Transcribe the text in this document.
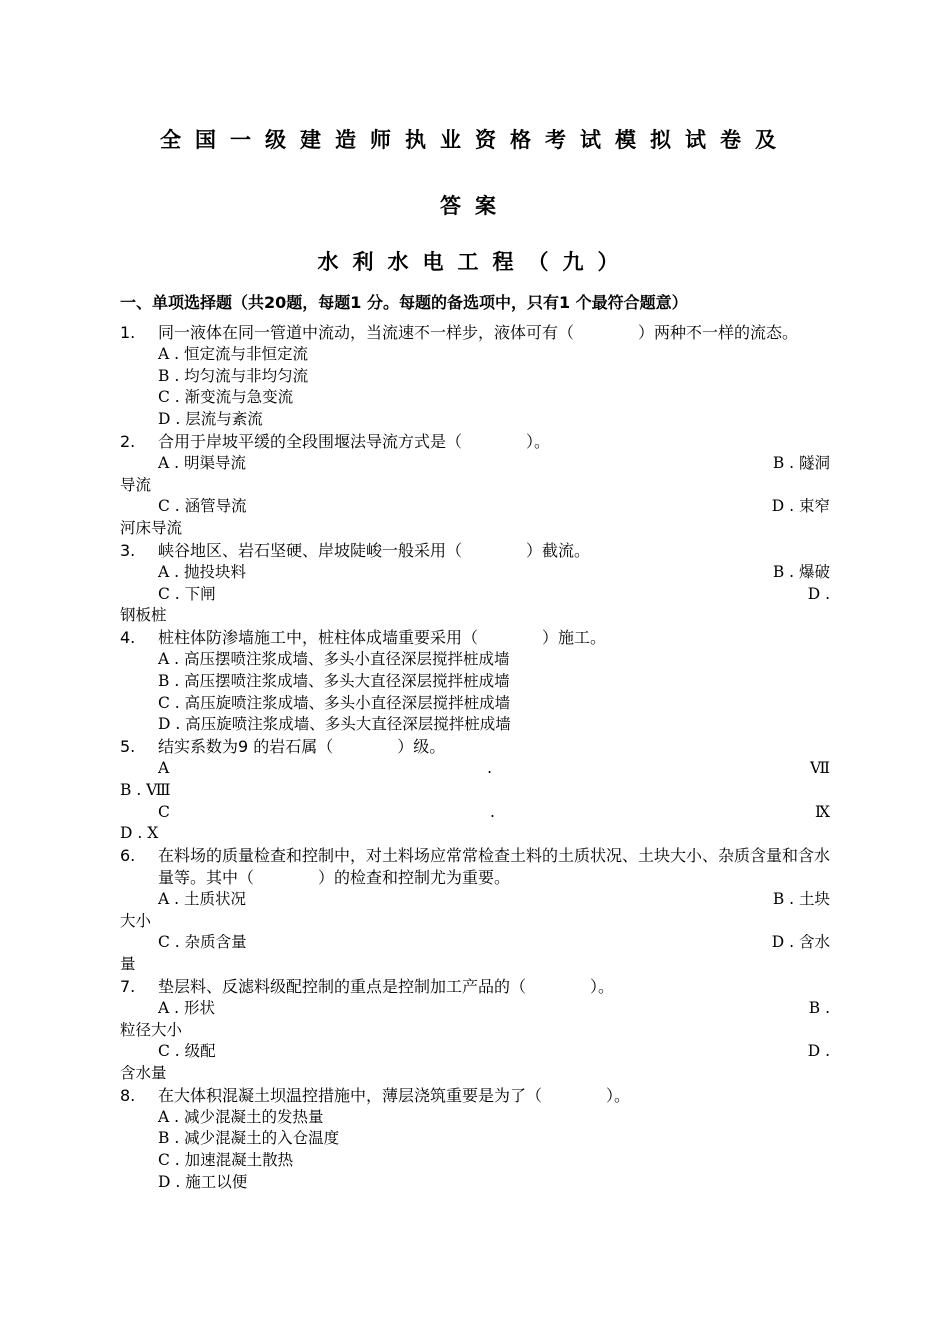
全国一级建造师执业资格考试模拟试卷及
答案
水利水电工程（九）
一、单项选择题（共20题，每题1 分。每题的备选项中，只有1 个最符合题意）
1. 同一液体在同一管道中流动，当流速不一样步，液体可有（　　　　）两种不一样的流态。
A . 恒定流与非恒定流
B . 均匀流与非均匀流
C . 渐变流与急变流
D . 层流与紊流
2. 合用于岸坡平缓的全段围堰法导流方式是（　　　　）。
A . 明渠导流	B . 隧洞
导流
C . 涵管导流	D . 束窄
河床导流
3. 峡谷地区、岩石坚硬、岸坡陡峻一般采用（　　　　）截流。
A . 抛投块料	B . 爆破
C . 下闸	D .
钢板桩
4. 桩柱体防渗墙施工中，桩柱体成墙重要采用（　　　　）施工。
A . 高压摆喷注浆成墙、多头小直径深层搅拌桩成墙
B . 高压摆喷注浆成墙、多头大直径深层搅拌桩成墙
C . 高压旋喷注浆成墙、多头小直径深层搅拌桩成墙
D . 高压旋喷注浆成墙、多头大直径深层搅拌桩成墙
5. 结实系数为9 的岩石属（　　　　）级。
A	.	Ⅶ
B . Ⅷ
C	.	Ⅸ
D . Ⅹ
6. 在料场的质量检查和控制中，对土料场应常常检查土料的土质状况、土块大小、杂质含量和含水量等。其中（　　　　）的检查和控制尤为重要。
A . 土质状况	B . 土块
大小
C . 杂质含量	D . 含水
量
7. 垫层料、反滤料级配控制的重点是控制加工产品的（　　　　）。
A . 形状	B .
粒径大小
C . 级配	D .
含水量
8. 在大体积混凝土坝温控措施中，薄层浇筑重要是为了（　　　　）。
A . 减少混凝土的发热量
B . 减少混凝土的入仓温度
C . 加速混凝土散热
D . 施工以便
